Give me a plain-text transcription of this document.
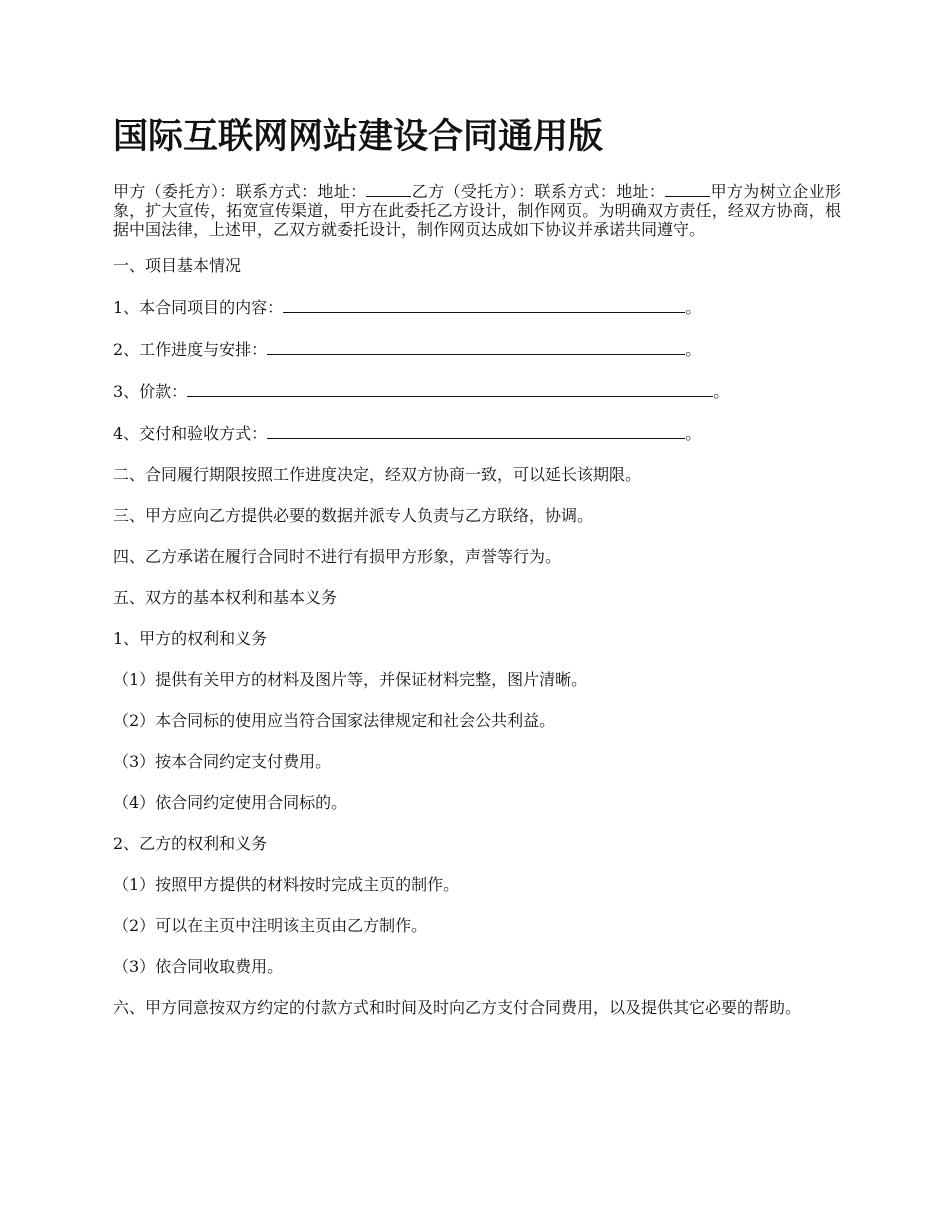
国际互联网网站建设合同通用版

甲方（委托方）：联系方式：地址：	乙方（受托方）：联系方式：地址：	甲方为树立企业形象，扩大宣传，拓宽宣传渠道，甲方在此委托乙方设计，制作网页。为明确双方责任，经双方协商，根据中国法律，上述甲，乙双方就委托设计，制作网页达成如下协议并承诺共同遵守。

一、项目基本情况

1、本合同项目的内容：	。

2、工作进度与安排：	。

3、价款：	。

4、交付和验收方式：	。

二、合同履行期限按照工作进度决定，经双方协商一致，可以延长该期限。

三、甲方应向乙方提供必要的数据并派专人负责与乙方联络，协调。

四、乙方承诺在履行合同时不进行有损甲方形象，声誉等行为。

五、双方的基本权利和基本义务

1、甲方的权利和义务

（1）提供有关甲方的材料及图片等，并保证材料完整，图片清晰。

（2）本合同标的使用应当符合国家法律规定和社会公共利益。

（3）按本合同约定支付费用。

（4）依合同约定使用合同标的。

2、乙方的权利和义务

（1）按照甲方提供的材料按时完成主页的制作。

（2）可以在主页中注明该主页由乙方制作。

（3）依合同收取费用。

六、甲方同意按双方约定的付款方式和时间及时向乙方支付合同费用，以及提供其它必要的帮助。
